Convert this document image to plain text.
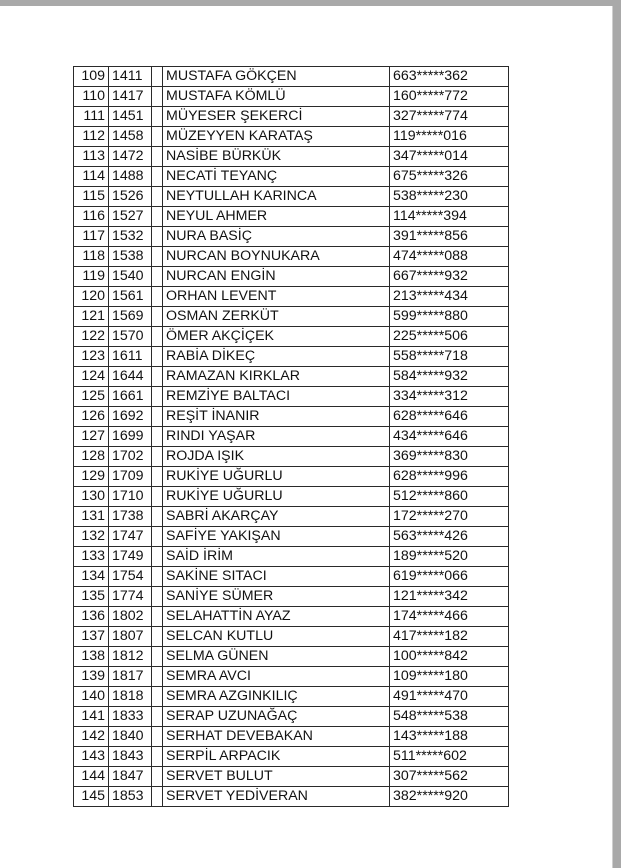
109	1411		MUSTAFA GÖKÇEN	663*****362
110	1417		MUSTAFA KÖMLÜ	160*****772
111	1451		MÜYESER ŞEKERCİ	327*****774
112	1458		MÜZEYYEN KARATAŞ	119*****016
113	1472		NASİBE BÜRKÜK	347*****014
114	1488		NECATİ TEYANÇ	675*****326
115	1526		NEYTULLAH KARINCA	538*****230
116	1527		NEYUL AHMER	114*****394
117	1532		NURA BASİÇ	391*****856
118	1538		NURCAN BOYNUKARA	474*****088
119	1540		NURCAN ENGİN	667*****932
120	1561		ORHAN LEVENT	213*****434
121	1569		OSMAN ZERKÜT	599*****880
122	1570		ÖMER AKÇİÇEK	225*****506
123	1611		RABİA DİKEÇ	558*****718
124	1644		RAMAZAN KIRKLAR	584*****932
125	1661		REMZİYE BALTACI	334*****312
126	1692		REŞİT İNANIR	628*****646
127	1699		RINDI YAŞAR	434*****646
128	1702		ROJDA IŞIK	369*****830
129	1709		RUKİYE UĞURLU	628*****996
130	1710		RUKİYE UĞURLU	512*****860
131	1738		SABRİ AKARÇAY	172*****270
132	1747		SAFİYE YAKIŞAN	563*****426
133	1749		SAİD İRİM	189*****520
134	1754		SAKİNE SITACI	619*****066
135	1774		SANİYE SÜMER	121*****342
136	1802		SELAHATTİN AYAZ	174*****466
137	1807		SELCAN KUTLU	417*****182
138	1812		SELMA GÜNEN	100*****842
139	1817		SEMRA AVCI	109*****180
140	1818		SEMRA AZGINKILIÇ	491*****470
141	1833		SERAP UZUNAĞAÇ	548*****538
142	1840		SERHAT DEVEBAKAN	143*****188
143	1843		SERPİL ARPACIK	511*****602
144	1847		SERVET BULUT	307*****562
145	1853		SERVET YEDİVERAN	382*****920
